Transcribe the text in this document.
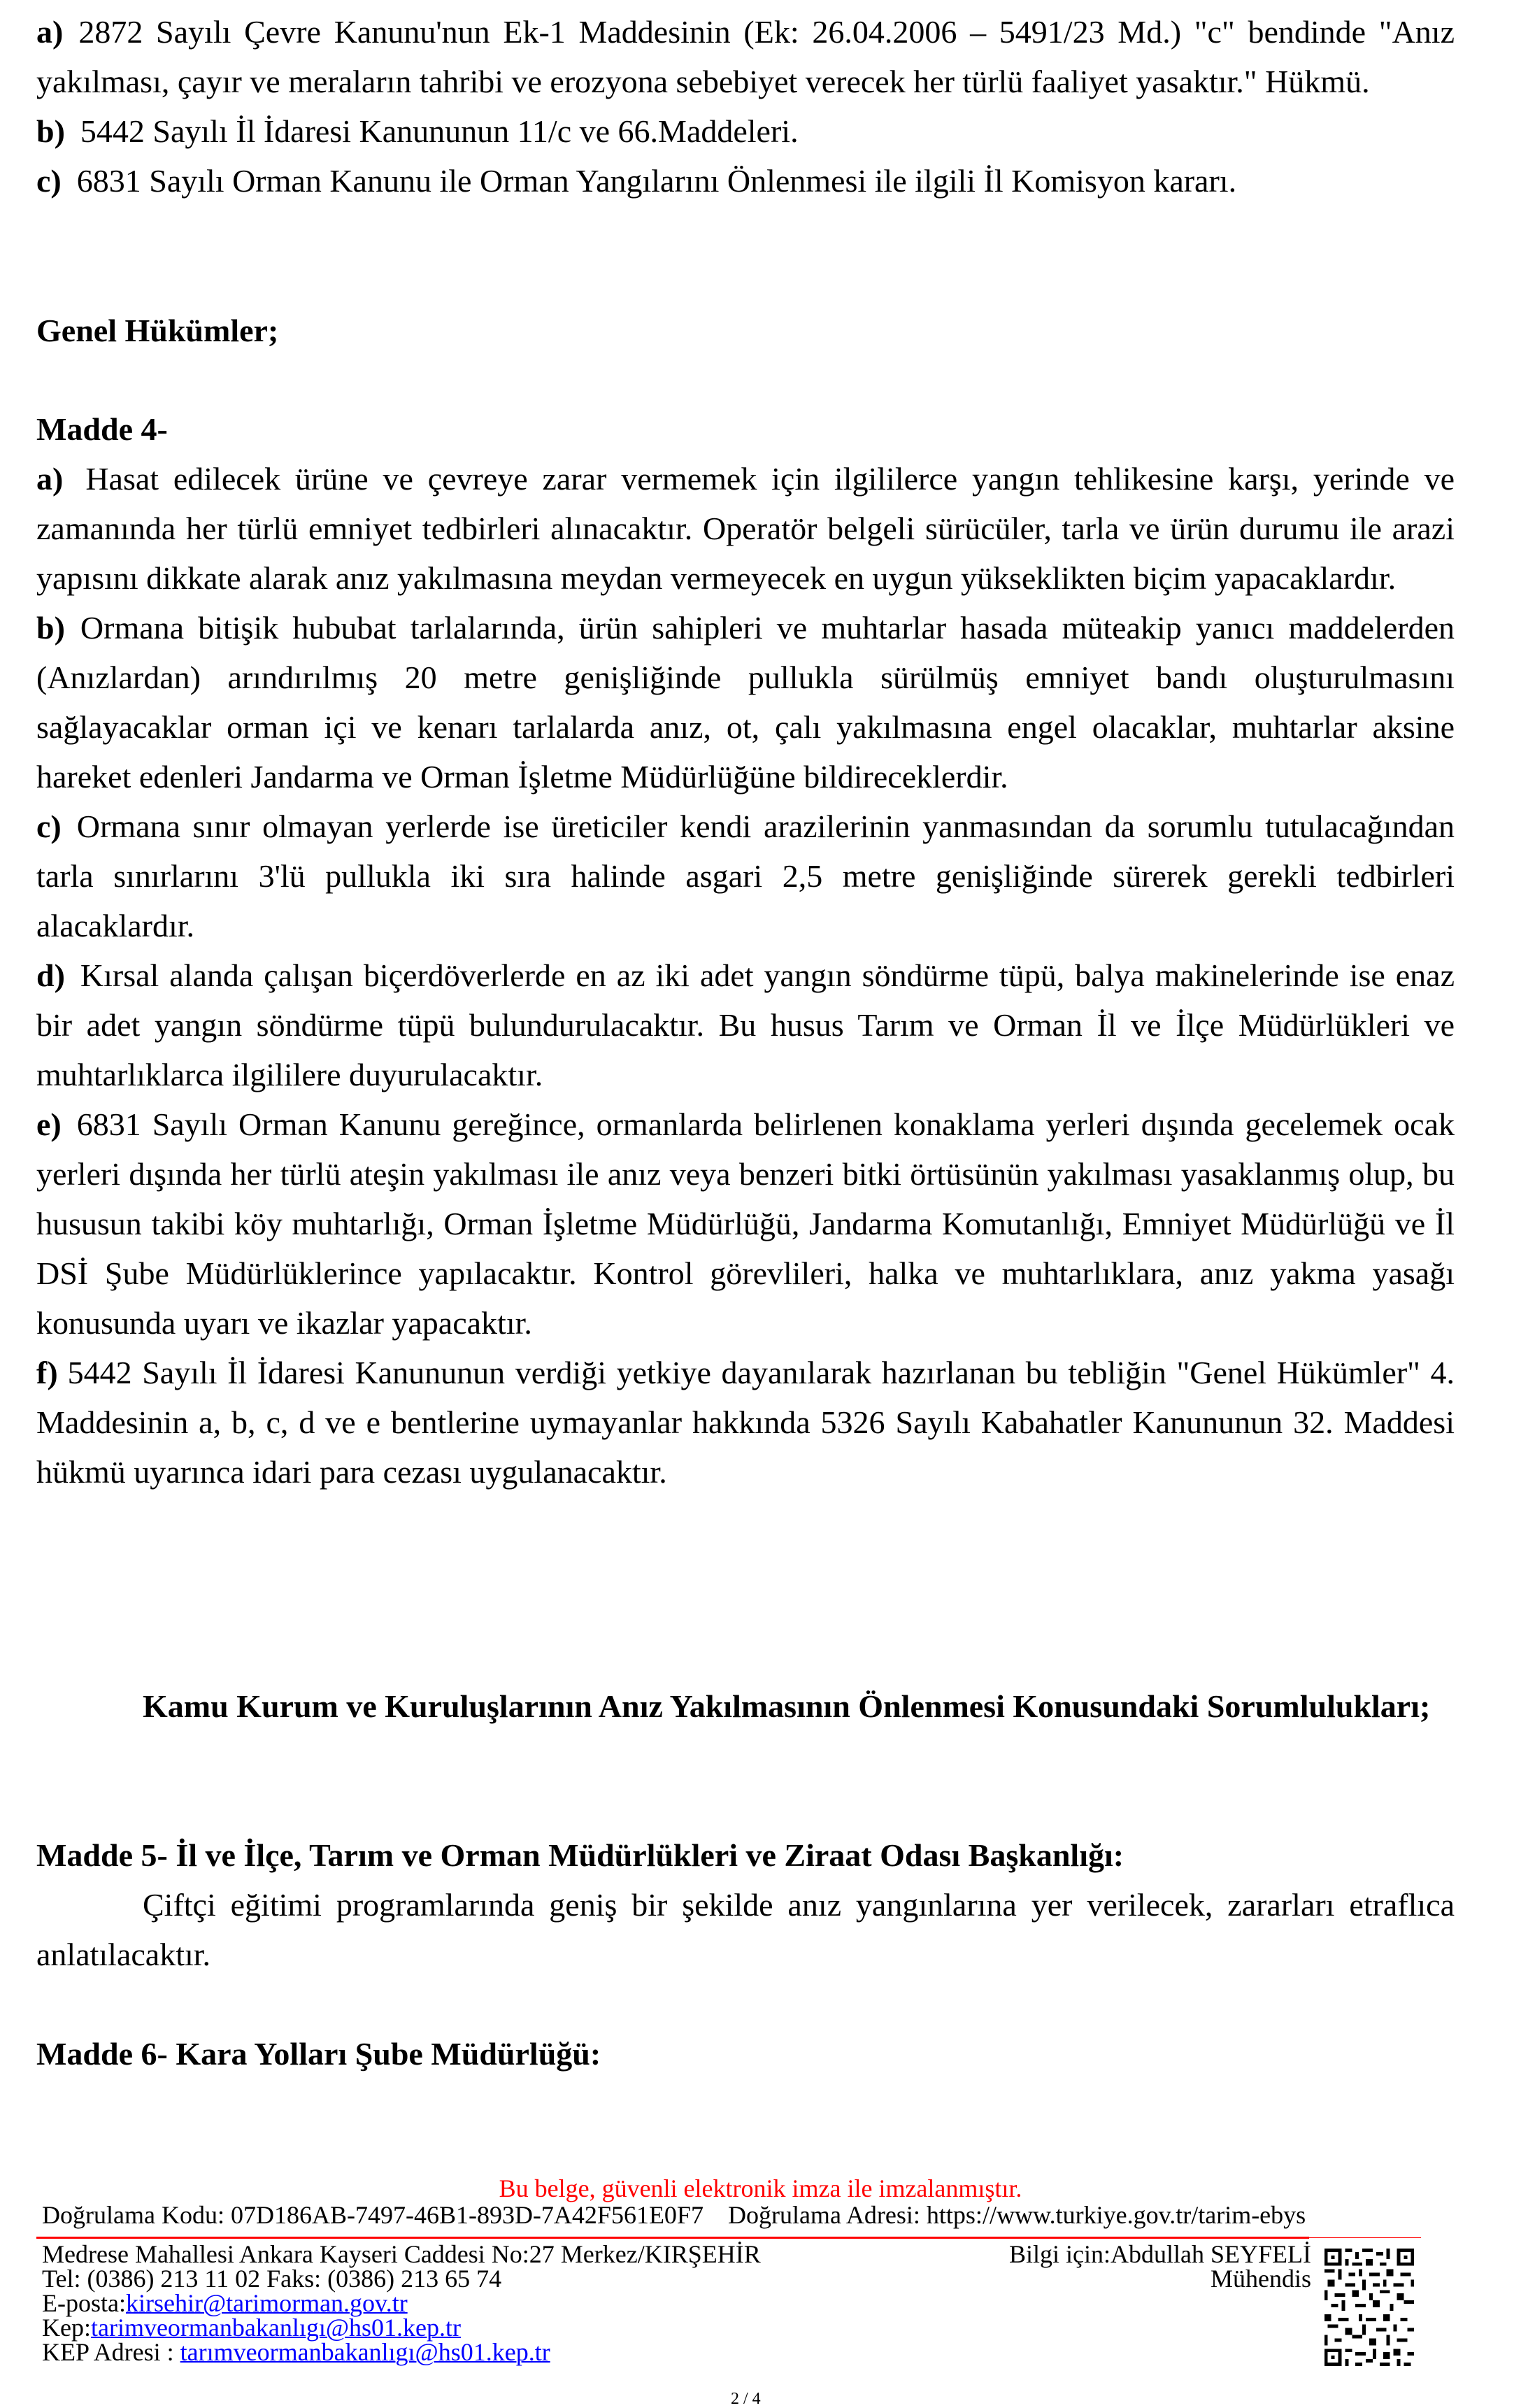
a) 2872 Sayılı Çevre Kanunu'nun Ek-1 Maddesinin (Ek: 26.04.2006 – 5491/23 Md.) "c" bendinde "Anız yakılması, çayır ve meraların tahribi ve erozyona sebebiyet verecek her türlü faaliyet yasaktır." Hükmü.
b) 5442 Sayılı İl İdaresi Kanununun 11/c ve 66.Maddeleri.
c) 6831 Sayılı Orman Kanunu ile Orman Yangılarını Önlenmesi ile ilgili İl Komisyon kararı.
Genel Hükümler;
Madde 4-
a) Hasat edilecek ürüne ve çevreye zarar vermemek için ilgililerce yangın tehlikesine karşı, yerinde ve zamanında her türlü emniyet tedbirleri alınacaktır. Operatör belgeli sürücüler, tarla ve ürün durumu ile arazi yapısını dikkate alarak anız yakılmasına meydan vermeyecek en uygun yükseklikten biçim yapacaklardır.
b) Ormana bitişik hububat tarlalarında, ürün sahipleri ve muhtarlar hasada müteakip yanıcı maddelerden (Anızlardan) arındırılmış 20 metre genişliğinde pullukla sürülmüş emniyet bandı oluşturulmasını sağlayacaklar orman içi ve kenarı tarlalarda anız, ot, çalı yakılmasına engel olacaklar, muhtarlar aksine hareket edenleri Jandarma ve Orman İşletme Müdürlüğüne bildireceklerdir.
c) Ormana sınır olmayan yerlerde ise üreticiler kendi arazilerinin yanmasından da sorumlu tutulacağından tarla sınırlarını 3'lü pullukla iki sıra halinde asgari 2,5 metre genişliğinde sürerek gerekli tedbirleri alacaklardır.
d) Kırsal alanda çalışan biçerdöverlerde en az iki adet yangın söndürme tüpü, balya makinelerinde ise enaz bir adet yangın söndürme tüpü bulundurulacaktır. Bu husus Tarım ve Orman İl ve İlçe Müdürlükleri ve muhtarlıklarca ilgililere duyurulacaktır.
e) 6831 Sayılı Orman Kanunu gereğince, ormanlarda belirlenen konaklama yerleri dışında gecelemek ocak yerleri dışında her türlü ateşin yakılması ile anız veya benzeri bitki örtüsünün yakılması yasaklanmış olup, bu hususun takibi köy muhtarlığı, Orman İşletme Müdürlüğü, Jandarma Komutanlığı, Emniyet Müdürlüğü ve İl DSİ Şube Müdürlüklerince yapılacaktır. Kontrol görevlileri, halka ve muhtarlıklara, anız yakma yasağı konusunda uyarı ve ikazlar yapacaktır.
f) 5442 Sayılı İl İdaresi Kanununun verdiği yetkiye dayanılarak hazırlanan bu tebliğin "Genel Hükümler" 4. Maddesinin a, b, c, d ve e bentlerine uymayanlar hakkında 5326 Sayılı Kabahatler Kanununun 32. Maddesi hükmü uyarınca idari para cezası uygulanacaktır.
Kamu Kurum ve Kuruluşlarının Anız Yakılmasının Önlenmesi Konusundaki Sorumlulukları;
Madde 5- İl ve İlçe, Tarım ve Orman Müdürlükleri ve Ziraat Odası Başkanlığı:
Çiftçi eğitimi programlarında geniş bir şekilde anız yangınlarına yer verilecek, zararları etraflıca anlatılacaktır.
Madde 6- Kara Yolları Şube Müdürlüğü:
Bu belge, güvenli elektronik imza ile imzalanmıştır.
Doğrulama Kodu: 07D186AB-7497-46B1-893D-7A42F561E0F7 Doğrulama Adresi: https://www.turkiye.gov.tr/tarim-ebys
Medrese Mahallesi Ankara Kayseri Caddesi No:27 Merkez/KIRŞEHİR
Tel: (0386) 213 11 02 Faks: (0386) 213 65 74
E-posta:kirsehir@tarimorman.gov.tr
Kep:tarimveormanbakanlıgı@hs01.kep.tr
KEP Adresi : tarımveormanbakanlıgı@hs01.kep.tr
Bilgi için:Abdullah SEYFELİ
Mühendis
2 / 4
